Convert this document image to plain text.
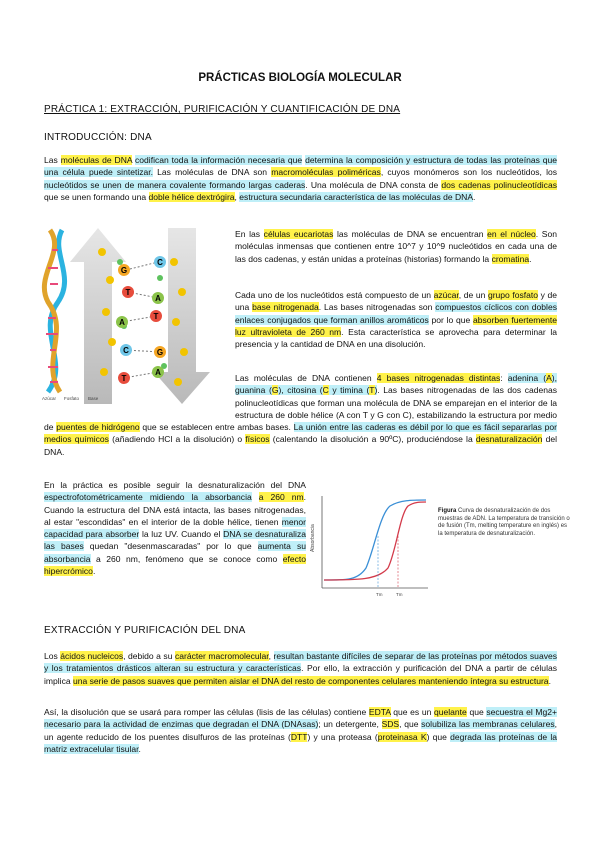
PRÁCTICAS BIOLOGÍA MOLECULAR
PRÁCTICA 1: EXTRACCIÓN, PURIFICACIÓN Y CUANTIFICACIÓN DE DNA
INTRODUCCIÓN: DNA

Las moléculas de DNA codifican toda la información necesaria que determina la composición y estructura de todas las proteínas que una célula puede sintetizar. Las moléculas de DNA son macromoléculas poliméricas, cuyos monómeros son los nucleótidos, los nucleótidos se unen de manera covalente formando largas caderas. Una molécula de DNA consta de dos cadenas polinucleotídicas que se unen formando una doble hélice dextrógira, estructura secundaria característica de las moléculas de DNA.

G
C
T
A
A
T
C	G
T
A
Azúcar Fosfato Base

En las células eucariotas las moléculas de DNA se encuentran en el núcleo. Son moléculas inmensas que contienen entre 10^7 y 10^9 nucleótidos en cada una de las dos cadenas, y están unidas a proteínas (historias) formando la cromatina.

Cada uno de los nucleótidos está compuesto de un azúcar, de un grupo fosfato y de una base nitrogenada. Las bases nitrogenadas son compuestos cíclicos con dobles enlaces conjugados que forman anillos aromáticos por lo que absorben fuertemente luz ultravioleta de 260 nm. Esta característica se aprovecha para determinar la presencia y la cantidad de DNA en una disolución.

Las moléculas de DNA contienen 4 bases nitrogenadas distintas: adenina (A), guanina (G), citosina (C y timina (T). Las bases nitrogenadas de las dos cadenas polinucleotídicas que forman una molécula de DNA se emparejan en el interior de la estructura de doble hélice (A con T y G con C), estabilizando la estructura por medio de puentes de hidrógeno que se establecen entre ambas bases. La unión entre las caderas es débil por lo que es fácil separarlas por medios químicos (añadiendo HCl a la disolución) o físicos (calentando la disolución a 90ºC), produciéndose la desnaturalización del DNA.

En la práctica es posible seguir la desnaturalización del DNA espectrofotométricamente midiendo la absorbancia a 260 nm. Cuando la estructura del DNA está intacta, las bases nitrogenadas, al estar "escondidas" en el interior de la doble hélice, tienen menor capacidad para absorber la luz UV. Cuando el DNA se desnaturaliza las bases quedan "desenmascaradas" por lo que aumenta su absorbancia a 260 nm, fenómeno que se conoce como efecto hipercrómico.

Absorbancia
Tm	Tm
Figura Curva de desnaturalización de dos muestras de ADN. La temperatura de transición o de fusión (Tm, melting temperature en inglés) es la temperatura de desnaturalización.
EXTRACCIÓN Y PURIFICACIÓN DEL DNA

Los ácidos nucleicos, debido a su carácter macromolecular, resultan bastante difíciles de separar de las proteínas por métodos suaves y los tratamientos drásticos alteran su estructura y características. Por ello, la extracción y purificación del DNA a partir de células implica una serie de pasos suaves que permiten aislar el DNA del resto de componentes celulares manteniendo íntegra su estructura.

Así, la disolución que se usará para romper las células (lisis de las células) contiene EDTA que es un quelante que secuestra el Mg2+ necesario para la actividad de enzimas que degradan el DNA (DNAsas); un detergente, SDS, que solubiliza las membranas celulares, un agente reducido de los puentes disulfuros de las proteínas (DTT) y una proteasa (proteinasa K) que degrada las proteínas de la matriz extracelular tisular.
